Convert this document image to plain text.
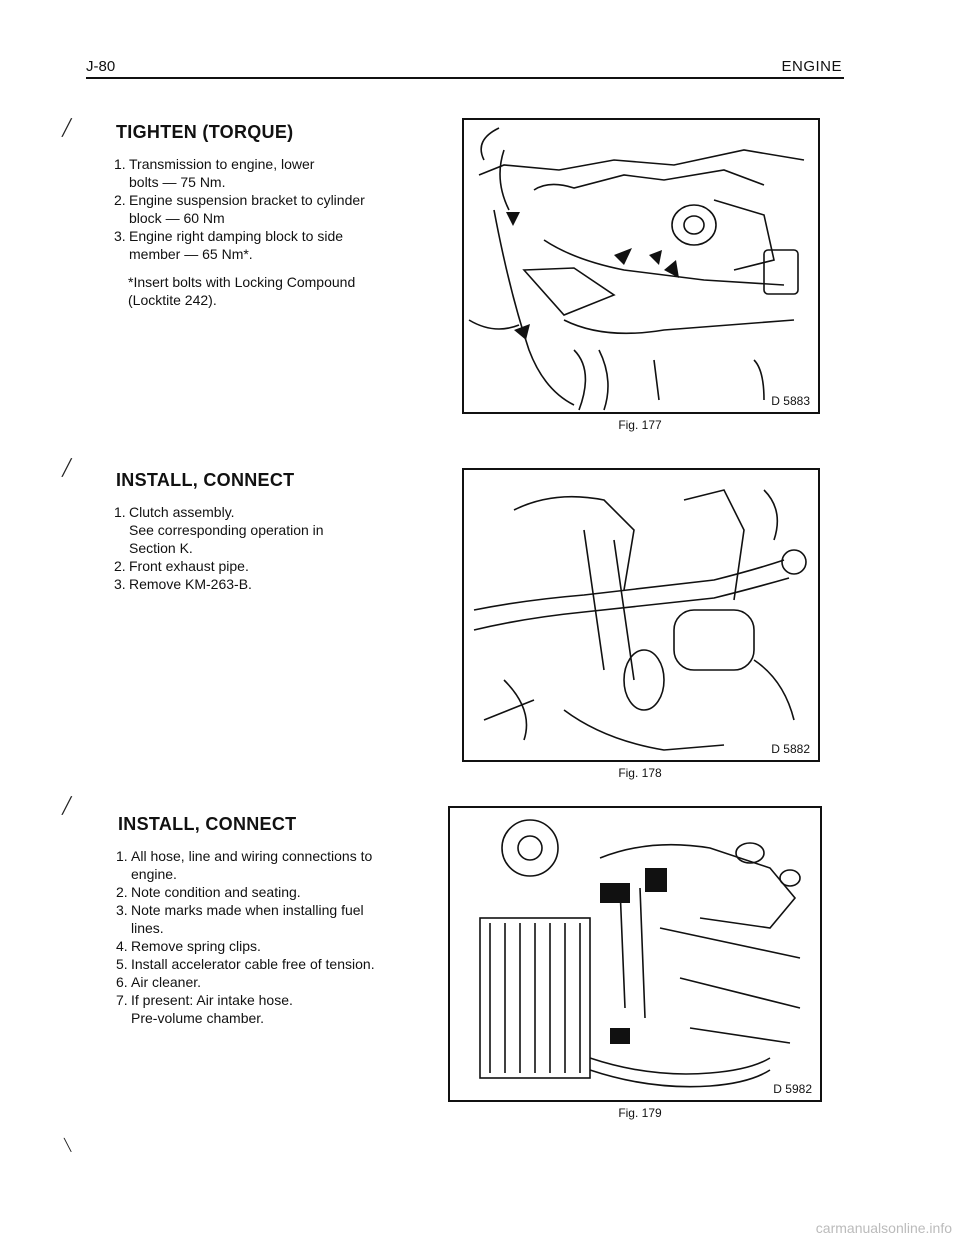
J-80	ENGINE
╱
╱
╱
╲
TIGHTEN (TORQUE)
1. Transmission to engine, lower
bolts — 75 Nm.
2. Engine suspension bracket to cylinder
block — 60 Nm
3. Engine right damping block to side
member — 65 Nm*.
*Insert bolts with Locking Compound
(Locktite 242).
INSTALL, CONNECT
1. Clutch assembly.
See corresponding operation in
Section K.
2. Front exhaust pipe.
3. Remove KM-263-B.
INSTALL, CONNECT
1. All hose, line and wiring connections to
engine.
2. Note condition and seating.
3. Note marks made when installing fuel
lines.
4. Remove spring clips.
5. Install accelerator cable free of tension.
6. Air cleaner.
7. If present: Air intake hose.
Pre-volume chamber.
D 5883
Fig. 177
D 5882
Fig. 178
D 5982
Fig. 179
carmanualsonline.info
